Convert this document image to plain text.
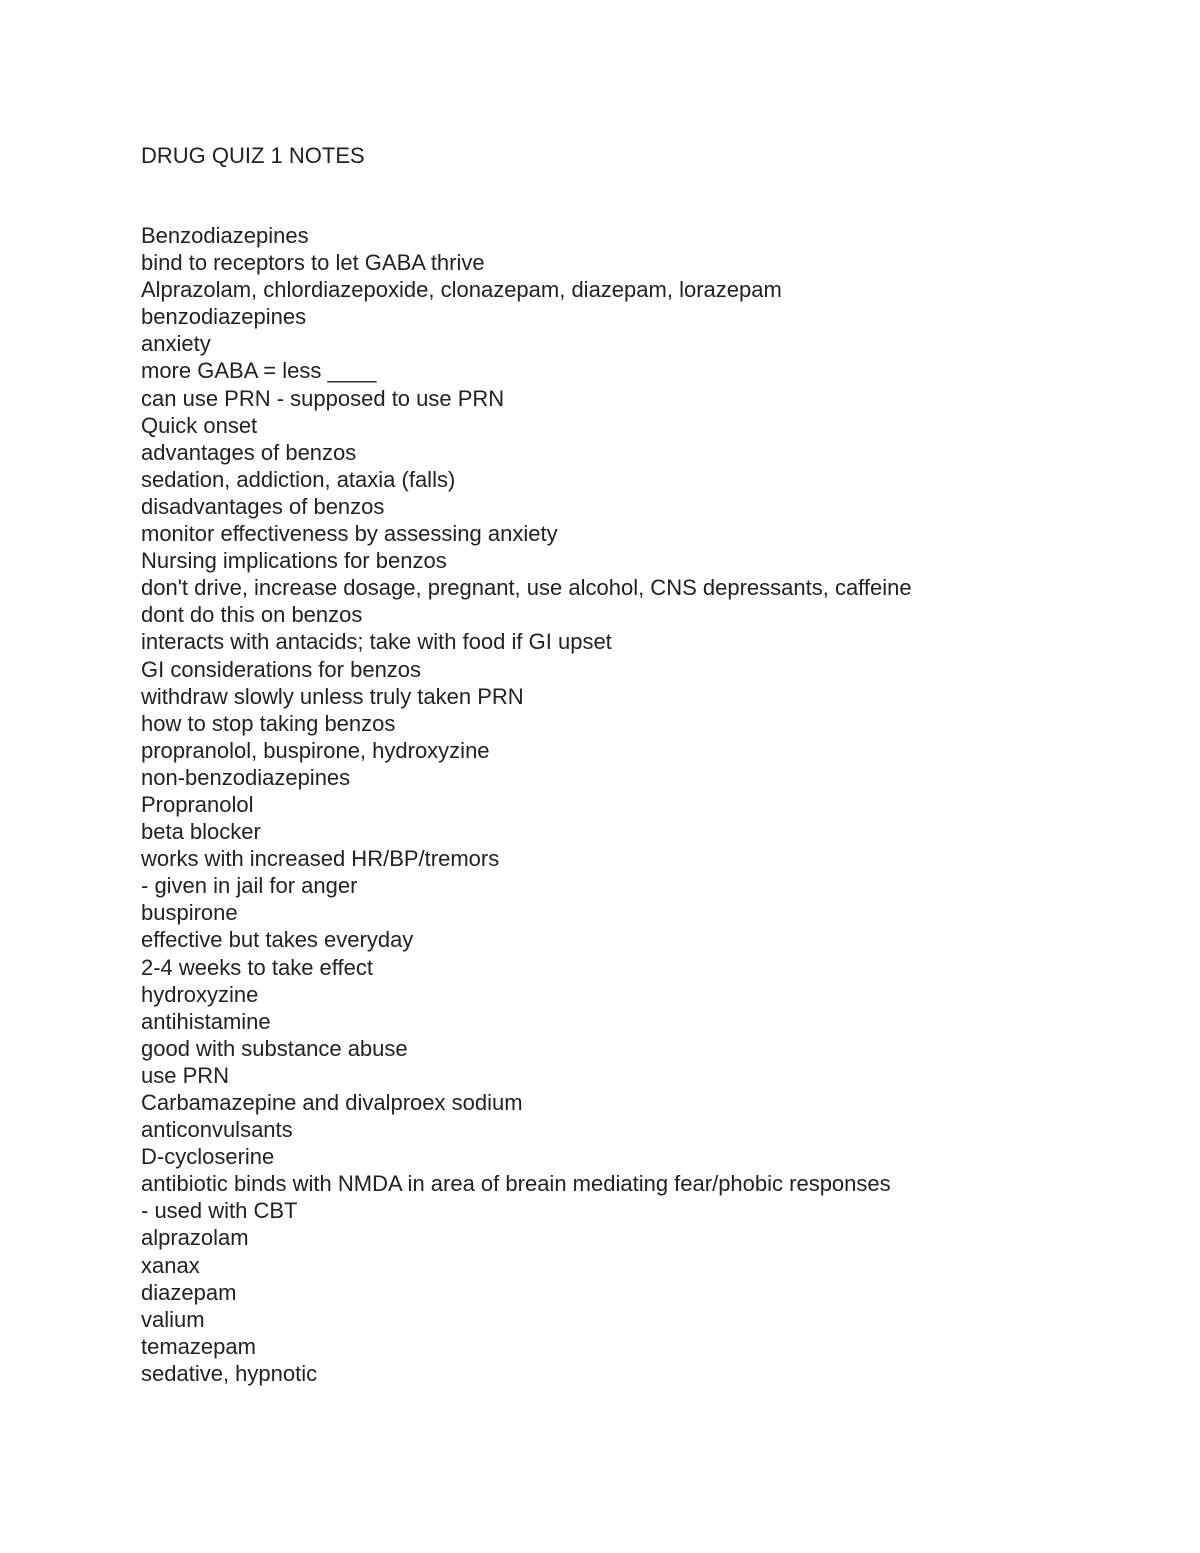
DRUG QUIZ 1 NOTES
Benzodiazepines
bind to receptors to let GABA thrive
Alprazolam, chlordiazepoxide, clonazepam, diazepam, lorazepam
benzodiazepines
anxiety
more GABA = less ____
can use PRN - supposed to use PRN
Quick onset
advantages of benzos
sedation, addiction, ataxia (falls)
disadvantages of benzos
monitor effectiveness by assessing anxiety
Nursing implications for benzos
don't drive, increase dosage, pregnant, use alcohol, CNS depressants, caffeine
dont do this on benzos
interacts with antacids; take with food if GI upset
GI considerations for benzos
withdraw slowly unless truly taken PRN
how to stop taking benzos
propranolol, buspirone, hydroxyzine
non-benzodiazepines
Propranolol
beta blocker
works with increased HR/BP/tremors
- given in jail for anger
buspirone
effective but takes everyday
2-4 weeks to take effect
hydroxyzine
antihistamine
good with substance abuse
use PRN
Carbamazepine and divalproex sodium
anticonvulsants
D-cycloserine
antibiotic binds with NMDA in area of breain mediating fear/phobic responses
- used with CBT
alprazolam
xanax
diazepam
valium
temazepam
sedative, hypnotic
